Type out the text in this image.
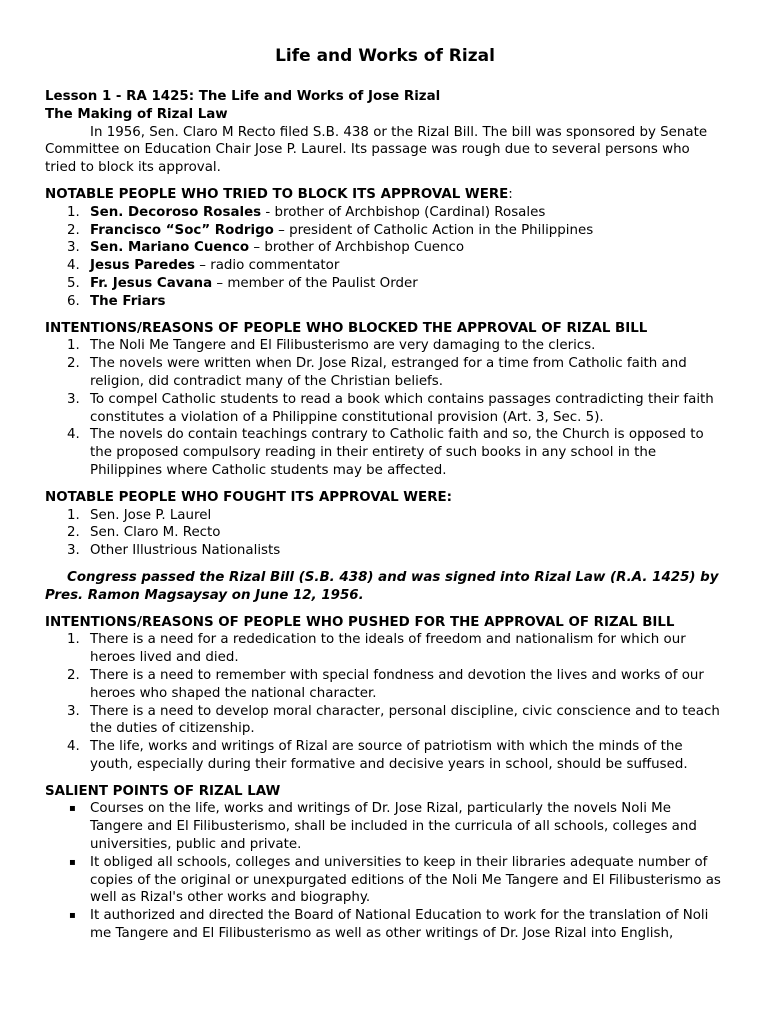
Life and Works of Rizal
Lesson 1 - RA 1425: The Life and Works of Jose Rizal
The Making of Rizal Law

In 1956, Sen. Claro M Recto filed S.B. 438 or the Rizal Bill. The bill was sponsored by Senate Committee on Education Chair Jose P. Laurel. Its passage was rough due to several persons who tried to block its approval.

NOTABLE PEOPLE WHO TRIED TO BLOCK ITS APPROVAL WERE:
1. Sen. Decoroso Rosales - brother of Archbishop (Cardinal) Rosales
2. Francisco “Soc” Rodrigo – president of Catholic Action in the Philippines
3. Sen. Mariano Cuenco – brother of Archbishop Cuenco
4. Jesus Paredes – radio commentator
5. Fr. Jesus Cavana – member of the Paulist Order
6. The Friars
INTENTIONS/REASONS OF PEOPLE WHO BLOCKED THE APPROVAL OF RIZAL BILL
1. The Noli Me Tangere and El Filibusterismo are very damaging to the clerics.
2. The novels were written when Dr. Jose Rizal, estranged for a time from Catholic faith and religion, did contradict many of the Christian beliefs.
3. To compel Catholic students to read a book which contains passages contradicting their faith constitutes a violation of a Philippine constitutional provision (Art. 3, Sec. 5).
4. The novels do contain teachings contrary to Catholic faith and so, the Church is opposed to the proposed compulsory reading in their entirety of such books in any school in the Philippines where Catholic students may be affected.
NOTABLE PEOPLE WHO FOUGHT ITS APPROVAL WERE:
1. Sen. Jose P. Laurel
2. Sen. Claro M. Recto
3. Other Illustrious Nationalists

Congress passed the Rizal Bill (S.B. 438) and was signed into Rizal Law (R.A. 1425) by Pres. Ramon Magsaysay on June 12, 1956.

INTENTIONS/REASONS OF PEOPLE WHO PUSHED FOR THE APPROVAL OF RIZAL BILL
1. There is a need for a rededication to the ideals of freedom and nationalism for which our heroes lived and died.
2. There is a need to remember with special fondness and devotion the lives and works of our heroes who shaped the national character.
3. There is a need to develop moral character, personal discipline, civic conscience and to teach the duties of citizenship.
4. The life, works and writings of Rizal are source of patriotism with which the minds of the youth, especially during their formative and decisive years in school, should be suffused.
SALIENT POINTS OF RIZAL LAW
▪ Courses on the life, works and writings of Dr. Jose Rizal, particularly the novels Noli Me Tangere and El Filibusterismo, shall be included in the curricula of all schools, colleges and universities, public and private.
▪ It obliged all schools, colleges and universities to keep in their libraries adequate number of copies of the original or unexpurgated editions of the Noli Me Tangere and El Filibusterismo as well as Rizal's other works and biography.
▪ It authorized and directed the Board of National Education to work for the translation of Noli me Tangere and El Filibusterismo as well as other writings of Dr. Jose Rizal into English,
